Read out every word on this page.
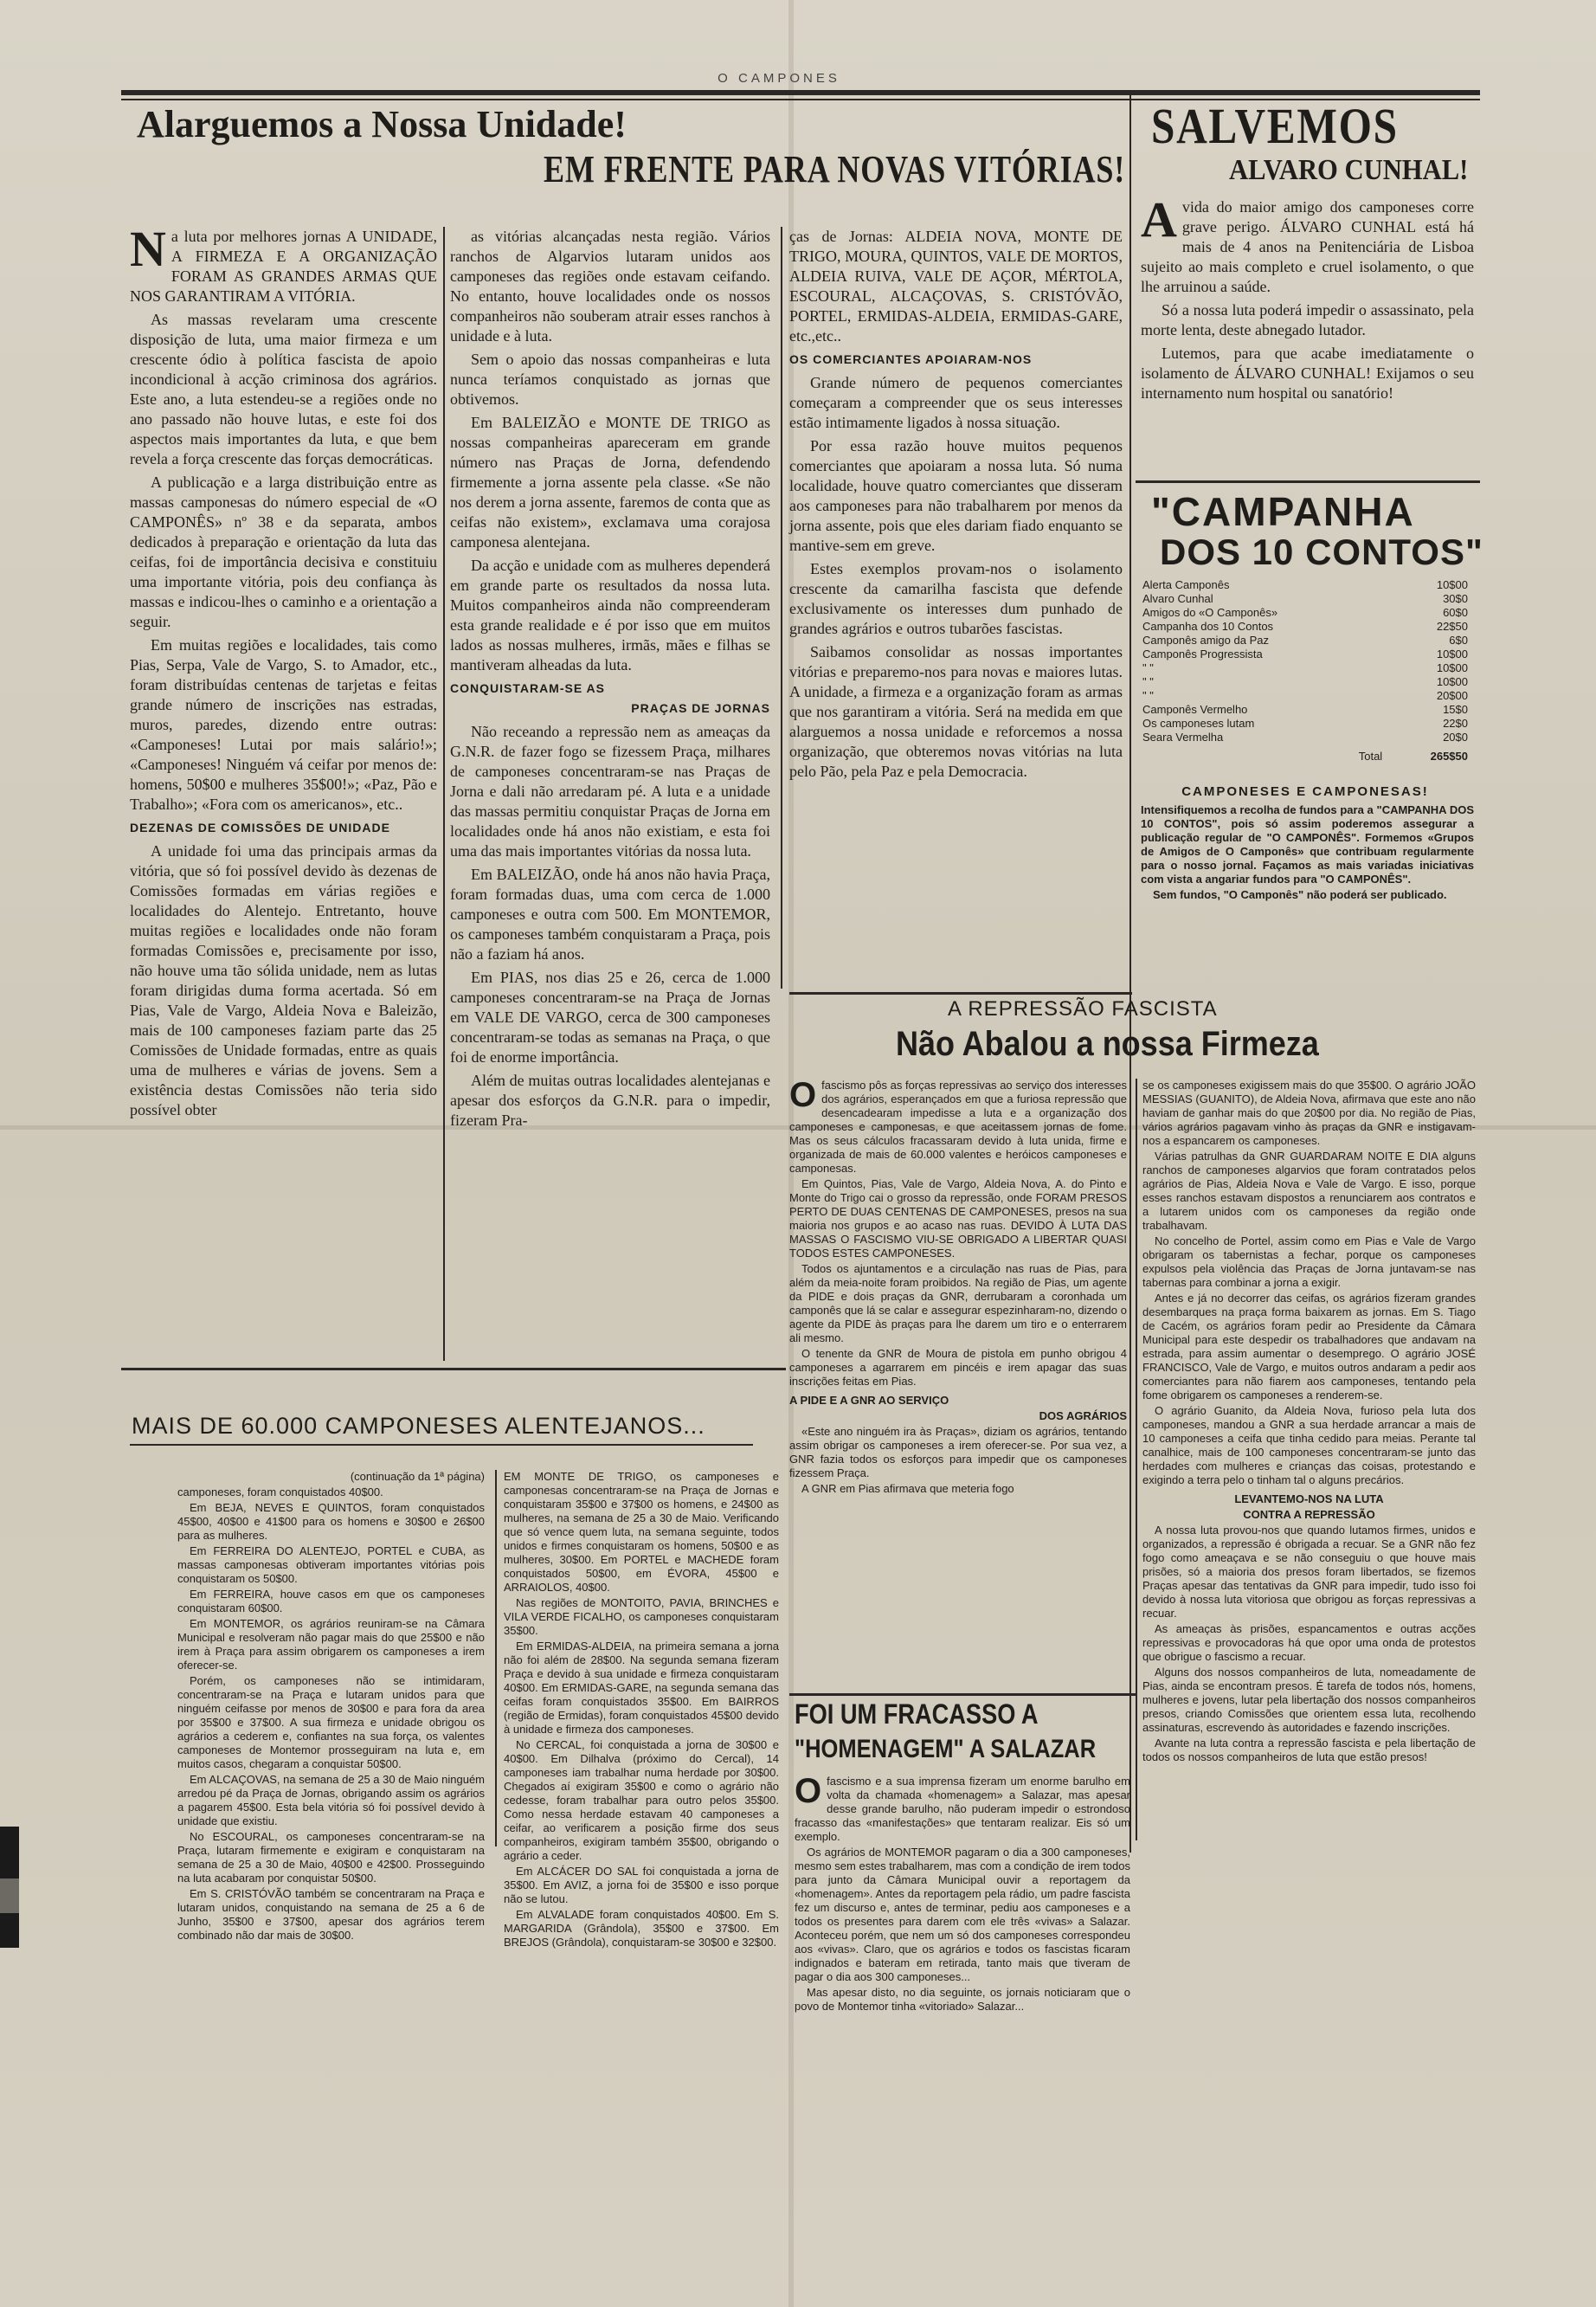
O CAMPONES
Alarguemos a Nossa Unidade!
EM FRENTE PARA NOVAS VITÓRIAS!

Na luta por melhores jornas A UNIDADE, A FIRMEZA E A ORGANIZAÇÃO FORAM AS GRANDES ARMAS QUE NOS GARANTIRAM A VITÓRIA.

As massas revelaram uma crescente disposição de luta, uma maior firmeza e um crescente ódio à política fascista de apoio incondicional à acção criminosa dos agrários. Este ano, a luta estendeu-se a regiões onde no ano passado não houve lutas, e este foi dos aspectos mais importantes da luta, e que bem revela a força crescente das forças democráticas.

A publicação e a larga distribuição entre as massas camponesas do número especial de «O CAMPONÊS» nº 38 e da separata, ambos dedicados à preparação e orientação da luta das ceifas, foi de importância decisiva e constituiu uma importante vitória, pois deu confiança às massas e indicou-lhes o caminho e a orientação a seguir.

Em muitas regiões e localidades, tais como Pias, Serpa, Vale de Vargo, S. to Amador, etc., foram distribuídas centenas de tarjetas e feitas grande número de inscrições nas estradas, muros, paredes, dizendo entre outras: «Camponeses! Lutai por mais salário!»; «Camponeses! Ninguém vá ceifar por menos de: homens, 50$00 e mulheres 35$00!»; «Paz, Pão e Trabalho»; «Fora com os americanos», etc..

DEZENAS DE COMISSÕES DE UNIDADE

A unidade foi uma das principais armas da vitória, que só foi possível devido às dezenas de Comissões formadas em várias regiões e localidades do Alentejo. Entretanto, houve muitas regiões e localidades onde não foram formadas Comissões e, precisamente por isso, não houve uma tão sólida unidade, nem as lutas foram dirigidas duma forma acertada. Só em Pias, Vale de Vargo, Aldeia Nova e Baleizão, mais de 100 camponeses faziam parte das 25 Comissões de Unidade formadas, entre as quais uma de mulheres e várias de jovens. Sem a existência destas Comissões não teria sido possível obter

as vitórias alcançadas nesta região. Vários ranchos de Algarvios lutaram unidos aos camponeses das regiões onde estavam ceifando. No entanto, houve localidades onde os nossos companheiros não souberam atrair esses ranchos à unidade e à luta.

Sem o apoio das nossas companheiras e luta nunca teríamos conquistado as jornas que obtivemos.

Em BALEIZÃO e MONTE DE TRIGO as nossas companheiras apareceram em grande número nas Praças de Jorna, defendendo firmemente a jorna assente pela classe. «Se não nos derem a jorna assente, faremos de conta que as ceifas não existem», exclamava uma corajosa camponesa alentejana.

Da acção e unidade com as mulheres dependerá em grande parte os resultados da nossa luta. Muitos companheiros ainda não compreenderam esta grande realidade e é por isso que em muitos lados as nossas mulheres, irmãs, mães e filhas se mantiveram alheadas da luta.

CONQUISTARAM-SE AS

PRAÇAS DE JORNAS

Não receando a repressão nem as ameaças da G.N.R. de fazer fogo se fizessem Praça, milhares de camponeses concentraram-se nas Praças de Jorna e dali não arredaram pé. A luta e a unidade das massas permitiu conquistar Praças de Jorna em localidades onde há anos não existiam, e esta foi uma das mais importantes vitórias da nossa luta.

Em BALEIZÃO, onde há anos não havia Praça, foram formadas duas, uma com cerca de 1.000 camponeses e outra com 500. Em MONTEMOR, os camponeses também conquistaram a Praça, pois não a faziam há anos.

Em PIAS, nos dias 25 e 26, cerca de 1.000 camponeses concentraram-se na Praça de Jornas em VALE DE VARGO, cerca de 300 camponeses concentraram-se todas as semanas na Praça, o que foi de enorme importância.

Além de muitas outras localidades alentejanas e apesar dos esforços da G.N.R. para o impedir, fizeram Pra-

ças de Jornas: ALDEIA NOVA, MONTE DE TRIGO, MOURA, QUINTOS, VALE DE MORTOS, ALDEIA RUIVA, VALE DE AÇOR, MÉRTOLA, ESCOURAL, ALCAÇOVAS, S. CRISTÓVÃO, PORTEL, ERMIDAS-ALDEIA, ERMIDAS-GARE, etc.,etc..

OS COMERCIANTES APOIARAM-NOS

Grande número de pequenos comerciantes começaram a compreender que os seus interesses estão intimamente ligados à nossa situação.

Por essa razão houve muitos pequenos comerciantes que apoiaram a nossa luta. Só numa localidade, houve quatro comerciantes que disseram aos camponeses para não trabalharem por menos da jorna assente, pois que eles dariam fiado enquanto se mantive-sem em greve.

Estes exemplos provam-nos o isolamento crescente da camarilha fascista que defende exclusivamente os interesses dum punhado de grandes agrários e outros tubarões fascistas.

Saibamos consolidar as nossas importantes vitórias e preparemo-nos para novas e maiores lutas. A unidade, a firmeza e a organização foram as armas que nos garantiram a vitória. Será na medida em que alarguemos a nossa unidade e reforcemos a nossa organização, que obteremos novas vitórias na luta pelo Pão, pela Paz e pela Democracia.

SALVEMOS
ALVARO CUNHAL!

Avida do maior amigo dos camponeses corre grave perigo. ÁLVARO CUNHAL está há mais de 4 anos na Penitenciária de Lisboa sujeito ao mais completo e cruel isolamento, o que lhe arruinou a saúde.

Só a nossa luta poderá impedir o assassinato, pela morte lenta, deste abnegado lutador.

Lutemos, para que acabe imediatamente o isolamento de ÁLVARO CUNHAL! Exijamos o seu internamento num hospital ou sanatório!

"CAMPANHA
DOS 10 CONTOS"
Alerta Camponês	10$00
Alvaro Cunhal	30$0
Amigos do «O Camponês»	60$0
Campanha dos 10 Contos	22$50
Camponês amigo da Paz	6$0
Camponês Progressista	10$00
" "	10$00
" "	10$00
" "	20$00
Camponês Vermelho	15$0
Os camponeses lutam	22$0
Seara Vermelha	20$0
Total	265$50
CAMPONESES E CAMPONESAS!

Intensifiquemos a recolha de fundos para a "CAMPANHA DOS 10 CONTOS", pois só assim poderemos assegurar a publicação regular de "O CAMPONÊS". Formemos «Grupos de Amigos de O Camponês» que contribuam regularmente para o nosso jornal. Façamos as mais variadas iniciativas com vista a angariar fundos para "O CAMPONÊS".

Sem fundos, "O Camponês" não poderá ser publicado.

A REPRESSÃO FASCISTA
Não Abalou a nossa Firmeza

Ofascismo pôs as forças repressivas ao serviço dos interesses dos agrários, esperançados em que a furiosa repressão que desencadearam impedisse a luta e a organização dos camponeses e camponesas, e que aceitassem jornas de fome. Mas os seus cálculos fracassaram devido à luta unida, firme e organizada de mais de 60.000 valentes e heróicos camponeses e camponesas.

Em Quintos, Pias, Vale de Vargo, Aldeia Nova, A. do Pinto e Monte do Trigo cai o grosso da repressão, onde FORAM PRESOS PERTO DE DUAS CENTENAS DE CAMPONESES, presos na sua maioria nos grupos e ao acaso nas ruas. DEVIDO À LUTA DAS MASSAS O FASCISMO VIU-SE OBRIGADO A LIBERTAR QUASI TODOS ESTES CAMPONESES.

Todos os ajuntamentos e a circulação nas ruas de Pias, para além da meia-noite foram proibidos. Na região de Pias, um agente da PIDE e dois praças da GNR, derrubaram a coronhada um camponês que lá se calar e assegurar espezinharam-no, dizendo o agente da PIDE às praças para lhe darem um tiro e o enterrarem ali mesmo.

O tenente da GNR de Moura de pistola em punho obrigou 4 camponeses a agarrarem em pincéis e irem apagar das suas inscrições feitas em Pias.

A PIDE E A GNR AO SERVIÇO

DOS AGRÁRIOS

«Este ano ninguém ira às Praças», diziam os agrários, tentando assim obrigar os camponeses a irem oferecer-se. Por sua vez, a GNR fazia todos os esforços para impedir que os camponeses fizessem Praça.

A GNR em Pias afirmava que meteria fogo

se os camponeses exigissem mais do que 35$00. O agrário JOÃO MESSIAS (GUANITO), de Aldeia Nova, afirmava que este ano não haviam de ganhar mais do que 20$00 por dia. No região de Pias, vários agrários pagavam vinho às praças da GNR e instigavam-nos a espancarem os camponeses.

Várias patrulhas da GNR GUARDARAM NOITE E DIA alguns ranchos de camponeses algarvios que foram contratados pelos agrários de Pias, Aldeia Nova e Vale de Vargo. E isso, porque esses ranchos estavam dispostos a renunciarem aos contratos e a lutarem unidos com os camponeses da região onde trabalhavam.

No concelho de Portel, assim como em Pias e Vale de Vargo obrigaram os tabernistas a fechar, porque os camponeses expulsos pela violência das Praças de Jorna juntavam-se nas tabernas para combinar a jorna a exigir.

Antes e já no decorrer das ceifas, os agrários fizeram grandes desembarques na praça forma baixarem as jornas. Em S. Tiago de Cacém, os agrários foram pedir ao Presidente da Câmara Municipal para este despedir os trabalhadores que andavam na estrada, para assim aumentar o desemprego. O agrário JOSÉ FRANCISCO, Vale de Vargo, e muitos outros andaram a pedir aos comerciantes para não fiarem aos camponeses, tentando pela fome obrigarem os camponeses a renderem-se.

O agrário Guanito, da Aldeia Nova, furioso pela luta dos camponeses, mandou a GNR a sua herdade arrancar a mais de 10 camponeses a ceifa que tinha cedido para meias. Perante tal canalhice, mais de 100 camponeses concentraram-se junto das herdades com mulheres e crianças das coisas, protestando e exigindo a terra pelo o tinham tal o alguns precários.

LEVANTEMO-NOS NA LUTA

CONTRA A REPRESSÃO

A nossa luta provou-nos que quando lutamos firmes, unidos e organizados, a repressão é obrigada a recuar. Se a GNR não fez fogo como ameaçava e se não conseguiu o que houve mais prisões, só a maioria dos presos foram libertados, se fizemos Praças apesar das tentativas da GNR para impedir, tudo isso foi devido à nossa luta vitoriosa que obrigou as forças repressivas a recuar.

As ameaças às prisões, espancamentos e outras acções repressivas e provocadoras há que opor uma onda de protestos que obrigue o fascismo a recuar.

Alguns dos nossos companheiros de luta, nomeadamente de Pias, ainda se encontram presos. É tarefa de todos nós, homens, mulheres e jovens, lutar pela libertação dos nossos companheiros presos, criando Comissões que orientem essa luta, recolhendo assinaturas, escrevendo às autoridades e fazendo inscrições.

Avante na luta contra a repressão fascista e pela libertação de todos os nossos companheiros de luta que estão presos!

FOI UM FRACASSO A
"HOMENAGEM" A SALAZAR

Ofascismo e a sua imprensa fizeram um enorme barulho em volta da chamada «homenagem» a Salazar, mas apesar desse grande barulho, não puderam impedir o estrondoso fracasso das «manifestações» que tentaram realizar. Eis só um exemplo.

Os agrários de MONTEMOR pagaram o dia a 300 camponeses, mesmo sem estes trabalharem, mas com a condição de irem todos para junto da Câmara Municipal ouvir a reportagem da «homenagem». Antes da reportagem pela rádio, um padre fascista fez um discurso e, antes de terminar, pediu aos camponeses e a todos os presentes para darem com ele três «vivas» a Salazar. Aconteceu porém, que nem um só dos camponeses correspondeu aos «vivas». Claro, que os agrários e todos os fascistas ficaram indignados e bateram em retirada, tanto mais que tiveram de pagar o dia aos 300 camponeses...

Mas apesar disto, no dia seguinte, os jornais noticiaram que o povo de Montemor tinha «vitoriado» Salazar...

MAIS DE 60.000 CAMPONESES ALENTEJANOS...

(continuação da 1ª página)

camponeses, foram conquistados 40$00.

Em BEJA, NEVES E QUINTOS, foram conquistados 45$00, 40$00 e 41$00 para os homens e 30$00 e 26$00 para as mulheres.

Em FERREIRA DO ALENTEJO, PORTEL e CUBA, as massas camponesas obtiveram importantes vitórias pois conquistaram os 50$00.

Em FERREIRA, houve casos em que os camponeses conquistaram 60$00.

Em MONTEMOR, os agrários reuniram-se na Câmara Municipal e resolveram não pagar mais do que 25$00 e não irem à Praça para assim obrigarem os camponeses a irem oferecer-se.

Porém, os camponeses não se intimidaram, concentraram-se na Praça e lutaram unidos para que ninguém ceifasse por menos de 30$00 e para fora da area por 35$00 e 37$00. A sua firmeza e unidade obrigou os agrários a cederem e, confiantes na sua força, os valentes camponeses de Montemor prosseguiram na luta e, em muitos casos, chegaram a conquistar 50$00.

Em ALCAÇOVAS, na semana de 25 a 30 de Maio ninguém arredou pé da Praça de Jornas, obrigando assim os agrários a pagarem 45$00. Esta bela vitória só foi possível devido à unidade que existiu.

No ESCOURAL, os camponeses concentraram-se na Praça, lutaram firmemente e exigiram e conquistaram na semana de 25 a 30 de Maio, 40$00 e 42$00. Prosseguindo na luta acabaram por conquistar 50$00.

Em S. CRISTÓVÃO também se concentraram na Praça e lutaram unidos, conquistando na semana de 25 a 6 de Junho, 35$00 e 37$00, apesar dos agrários terem combinado não dar mais de 30$00.

EM MONTE DE TRIGO, os camponeses e camponesas concentraram-se na Praça de Jornas e conquistaram 35$00 e 37$00 os homens, e 24$00 as mulheres, na semana de 25 a 30 de Maio. Verificando que só vence quem luta, na semana seguinte, todos unidos e firmes conquistaram os homens, 50$00 e as mulheres, 30$00. Em PORTEL e MACHEDE foram conquistados 50$00, em ÉVORA, 45$00 e ARRAIOLOS, 40$00.

Nas regiões de MONTOITO, PAVIA, BRINCHES e VILA VERDE FICALHO, os camponeses conquistaram 35$00.

Em ERMIDAS-ALDEIA, na primeira semana a jorna não foi além de 28$00. Na segunda semana fizeram Praça e devido à sua unidade e firmeza conquistaram 40$00. Em ERMIDAS-GARE, na segunda semana das ceifas foram conquistados 35$00. Em BAIRROS (região de Ermidas), foram conquistados 45$00 devido à unidade e firmeza dos camponeses.

No CERCAL, foi conquistada a jorna de 30$00 e 40$00. Em Dilhalva (próximo do Cercal), 14 camponeses iam trabalhar numa herdade por 30$00. Chegados aí exigiram 35$00 e como o agrário não cedesse, foram trabalhar para outro pelos 35$00. Como nessa herdade estavam 40 camponeses a ceifar, ao verificarem a posição firme dos seus companheiros, exigiram também 35$00, obrigando o agrário a ceder.

Em ALCÁCER DO SAL foi conquistada a jorna de 35$00. Em AVIZ, a jorna foi de 35$00 e isso porque não se lutou.

Em ALVALADE foram conquistados 40$00. Em S. MARGARIDA (Grândola), 35$00 e 37$00. Em BREJOS (Grândola), conquistaram-se 30$00 e 32$00.
